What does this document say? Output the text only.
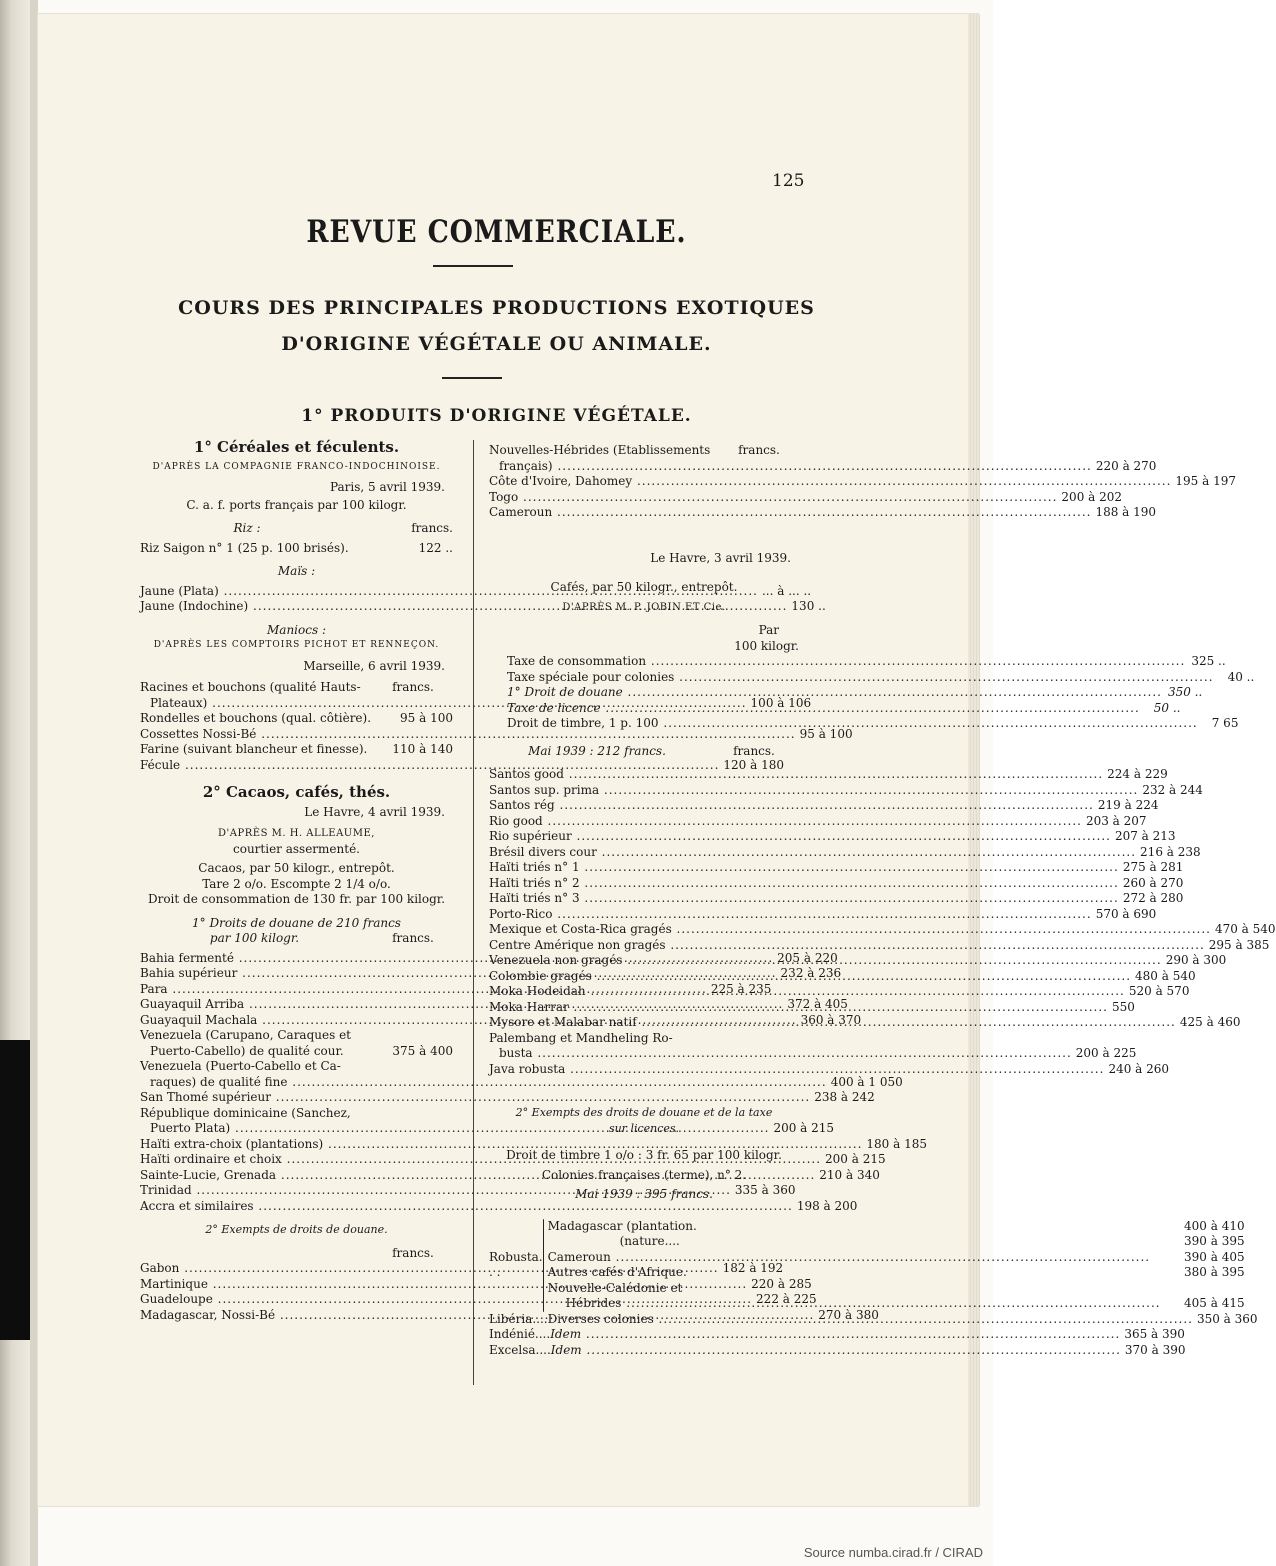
125
REVUE COMMERCIALE.
COURS DES PRINCIPALES PRODUCTIONS EXOTIQUES
D'ORIGINE VÉGÉTALE OU ANIMALE.
1° PRODUITS D'ORIGINE VÉGÉTALE.
1° Céréales et féculents.
D'APRÈS LA COMPAGNIE FRANCO-INDOCHINOISE.
Paris, 5 avril 1939.
C. a. f. ports français par 100 kilogr.
Riz :	francs.
Riz Saigon n° 1 (25 p. 100 brisés).	122 ..
Maïs :
Jaune (Plata) .....	... à ... ..
Jaune (Indochine) .....	130 ..
Maniocs :
D'APRÈS LES COMPTOIRS PICHOT ET RENNEÇON.
Marseille, 6 avril 1939.
Racines et bouchons (qualité Hauts-	francs.
Plateaux) .....	100 à 106
Rondelles et bouchons (qual. côtière).	95 à 100
Cossettes Nossi-Bé .....	95 à 100
Farine (suivant blancheur et finesse).	110 à 140
Fécule .....	120 à 180
2° Cacaos, cafés, thés.
Le Havre, 4 avril 1939.
D'APRÈS M. H. ALLEAUME,
courtier assermenté.
Cacaos, par 50 kilogr., entrepôt.
Tare 2 o/o. Escompte 2 1/4 o/o.
Droit de consommation de 130 fr. par 100 kilogr.
1° Droits de douane de 210 francs
par 100 kilogr.	francs.
Bahia fermenté .....	205 à 220
Bahia supérieur .....	232 à 236
Para .....	225 à 235
Guayaquil Arriba .....	372 à 405
Guayaquil Machala .....	360 à 370
Venezuela (Carupano, Caraques et
Puerto-Cabello) de qualité cour.	375 à 400
Venezuela (Puerto-Cabello et Ca-
raques) de qualité fine .....	400 à 1 050
San Thomé supérieur .....	238 à 242
République dominicaine (Sanchez,
Puerto Plata) .....	200 à 215
Haïti extra-choix (plantations) .....	180 à 185
Haïti ordinaire et choix .....	200 à 215
Sainte-Lucie, Grenada .....	210 à 340
Trinidad .....	335 à 360
Accra et similaires .....	198 à 200
2° Exempts de droits de douane.
francs.
Gabon .....	182 à 192
Martinique .....	220 à 285
Guadeloupe .....	222 à 225
Madagascar, Nossi-Bé .....	270 à 380
Nouvelles-Hébrides (Etablissements	francs.
français) .....	220 à 270
Côte d'Ivoire, Dahomey .....	195 à 197
Togo .....	200 à 202
Cameroun .....	188 à 190
Le Havre, 3 avril 1939.
Cafés, par 50 kilogr., entrepôt.
D'APRÈS M. P. JOBIN ET Cie.
Par
100 kilogr.
Taxe de consommation .....	325 ..
Taxe spéciale pour colonies .....	40 ..
1° Droit de douane .....	350 ..
Taxe de licence .....	50 ..
Droit de timbre, 1 p. 100 .....	7 65
Mai 1939 : 212 francs.	francs.
Santos good .....	224 à 229
Santos sup. prima .....	232 à 244
Santos rég .....	219 à 224
Rio good .....	203 à 207
Rio supérieur .....	207 à 213
Brésil divers cour .....	216 à 238
Haïti triés n° 1 .....	275 à 281
Haïti triés n° 2 .....	260 à 270
Haïti triés n° 3 .....	272 à 280
Porto-Rico .....	570 à 690
Mexique et Costa-Rica gragés .....	470 à 540
Centre Amérique non gragés .....	295 à 385
Venezuela non gragés .....	290 à 300
Colombie gragés .....	480 à 540
Moka Hodeidah .....	520 à 570
Moka Harrar .....	550
Mysore et Malabar natif .....	425 à 460
Palembang et Mandheling Ro-
busta .....	200 à 225
Java robusta .....	240 à 260
2° Exempts des droits de douane et de la taxe
sur licences.
Droit de timbre 1 o/o : 3 fr. 65 par 100 kilogr.
Colonies françaises (terme), n° 2.
Mai 1939 : 395 francs.
Robusta. . .
Madagascar (plantation.	400 à 410
(nature....	390 à 395
Cameroun .....	390 à 405
Autres cafés d'Afrique.	380 à 395
Nouvelle-Calédonie et
Hébrides .....	405 à 415
Libéria.... Diverses colonies .....	350 à 360
Indénié.... Idem .....	365 à 390
Excelsa.... Idem .....	370 à 390
Source numba.cirad.fr / CIRAD
